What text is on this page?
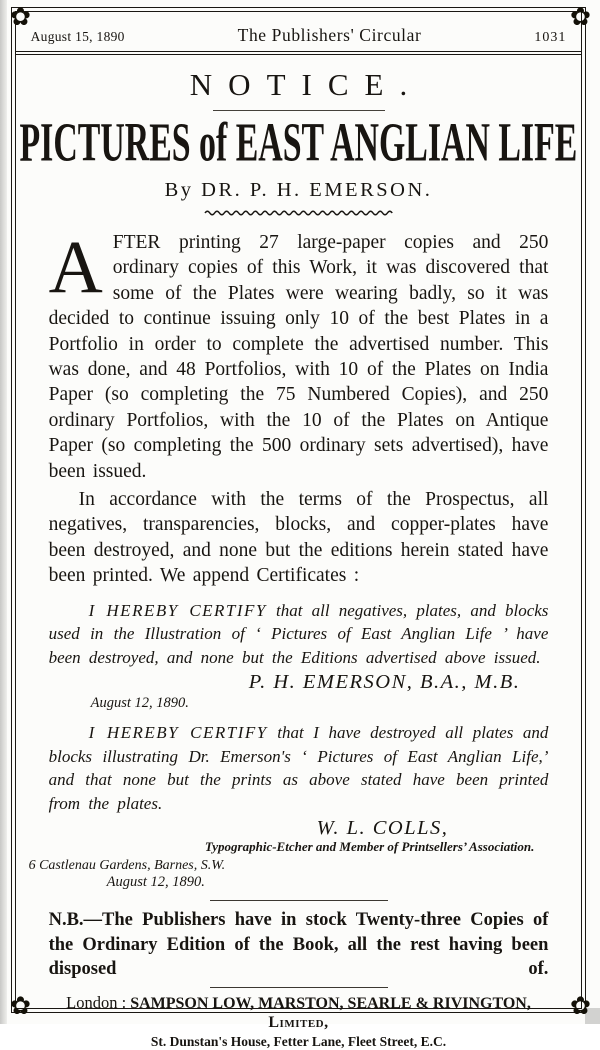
✿	✿
✿	✿
August 15, 1890	The Publishers' Circular	1031
NOTICE.
PICTURES of EAST ANGLIAN LIFE
By DR. P. H. EMERSON.

AFTER printing 27 large-paper copies and 250 ordinary copies of this Work, it was discovered that some of the Plates were wearing badly, so it was decided to continue issuing only 10 of the best Plates in a Portfolio in order to complete the advertised number. This was done, and 48 Portfolios, with 10 of the Plates on India Paper (so completing the 75 Numbered Copies), and 250 ordinary Portfolios, with the 10 of the Plates on Antique Paper (so completing the 500 ordinary sets advertised), have been issued.

In accordance with the terms of the Prospectus, all negatives, transparencies, blocks, and copper-plates have been destroyed, and none but the editions herein stated have been printed. We append Certificates :

I HEREBY CERTIFY that all negatives, plates, and blocks used in the Illustration of ‘ Pictures of East Anglian Life ’ have been destroyed, and none but the Editions advertised above issued.

P. H. EMERSON, B.A., M.B.
August 12, 1890.

I HEREBY CERTIFY that I have destroyed all plates and blocks illustrating Dr. Emerson's ‘ Pictures of East Anglian Life,’ and that none but the prints as above stated have been printed from the plates.

W. L. COLLS,
Typographic-Etcher and Member of Printsellers’ Association.
6 Castlenau Gardens, Barnes, S.W.
August 12, 1890.

N.B.—The Publishers have in stock Twenty-three Copies of the Ordinary Edition of the Book, all the rest having been disposed of.

London : SAMPSON LOW, MARSTON, SEARLE & RIVINGTON, Limited,
St. Dunstan's House, Fetter Lane, Fleet Street, E.C.
